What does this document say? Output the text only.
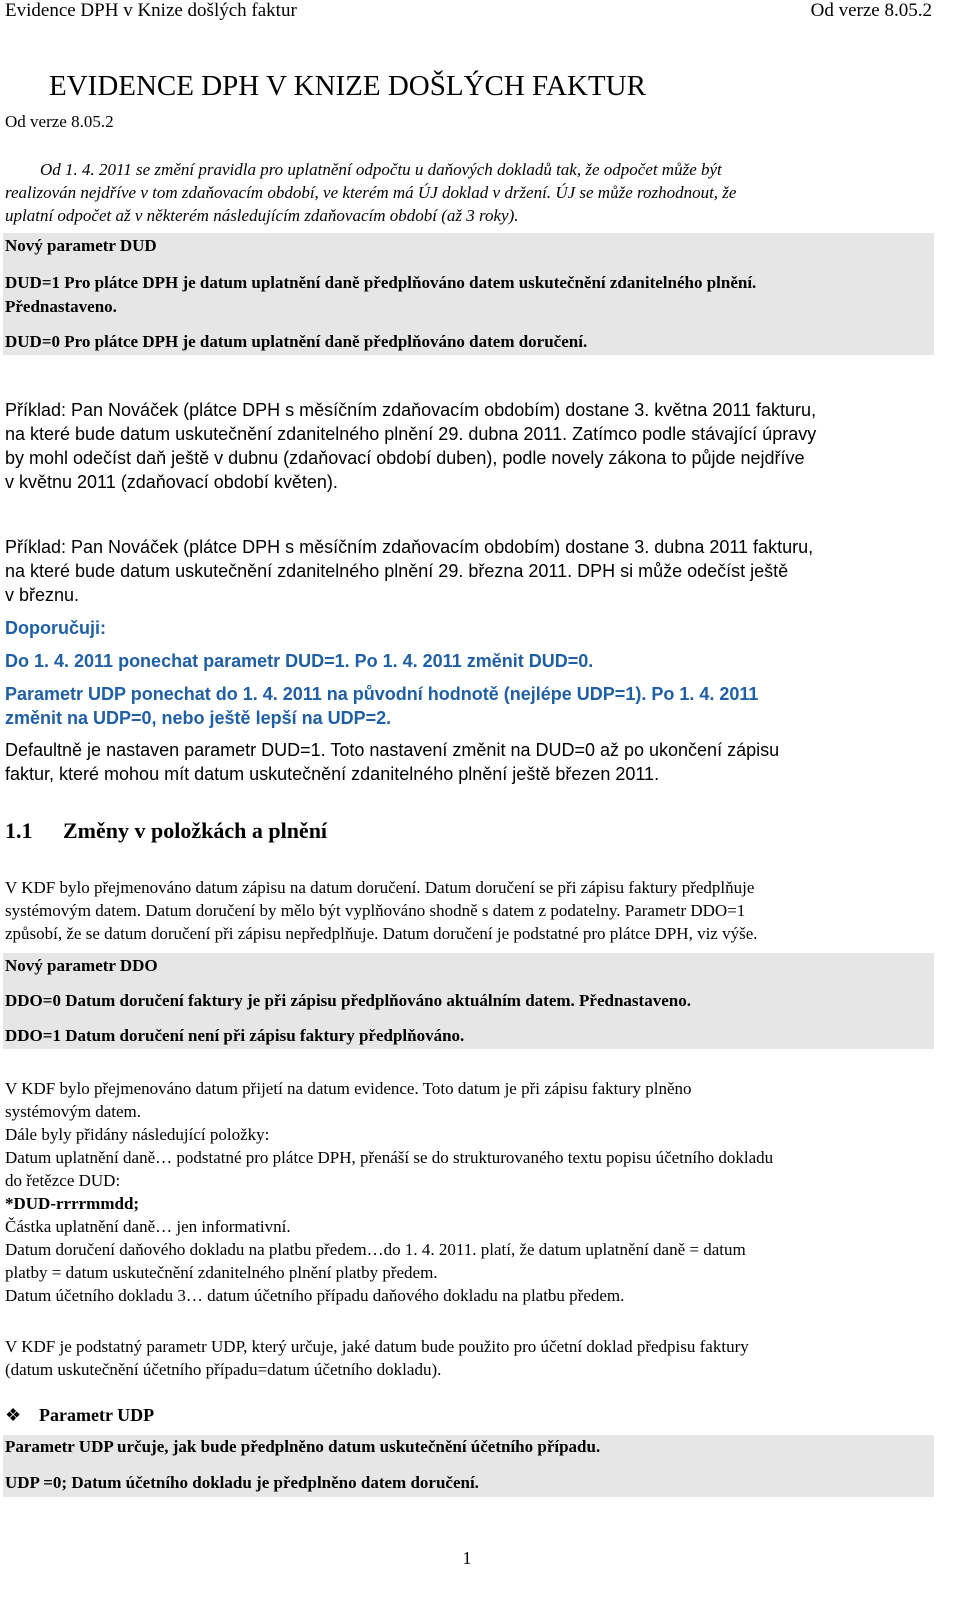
Evidence DPH v Knize došlých faktur	Od verze 8.05.2
EVIDENCE DPH V KNIZE DOŠLÝCH FAKTUR
Od verze 8.05.2
Od 1. 4. 2011 se změní pravidla pro uplatnění odpočtu u daňových dokladů tak, že odpočet může být
realizován nejdříve v tom zdaňovacím období, ve kterém má ÚJ doklad v držení. ÚJ se může rozhodnout, že
uplatní odpočet až v některém následujícím zdaňovacím období (až 3 roky).
Nový parametr DUD
DUD=1 Pro plátce DPH je datum uplatnění daně předplňováno datem uskutečnění zdanitelného plnění.
Přednastaveno.
DUD=0 Pro plátce DPH je datum uplatnění daně předplňováno datem doručení.
Příklad: Pan Nováček (plátce DPH s měsíčním zdaňovacím obdobím) dostane 3. května 2011 fakturu,
na které bude datum uskutečnění zdanitelného plnění 29. dubna 2011. Zatímco podle stávající úpravy
by mohl odečíst daň ještě v dubnu (zdaňovací období duben), podle novely zákona to půjde nejdříve
v květnu 2011 (zdaňovací období květen).
Příklad: Pan Nováček (plátce DPH s měsíčním zdaňovacím obdobím) dostane 3. dubna 2011 fakturu,
na které bude datum uskutečnění zdanitelného plnění 29. března 2011. DPH si může odečíst ještě
v březnu.
Doporučuji:
Do 1. 4. 2011 ponechat parametr DUD=1. Po 1. 4. 2011 změnit DUD=0.
Parametr UDP ponechat do 1. 4. 2011 na původní hodnotě (nejlépe UDP=1). Po 1. 4. 2011
změnit na UDP=0, nebo ještě lepší na UDP=2.
Defaultně je nastaven parametr DUD=1. Toto nastavení změnit na DUD=0 až po ukončení zápisu
faktur, které mohou mít datum uskutečnění zdanitelného plnění ještě březen 2011.
1.1 Změny v položkách a plnění
V KDF bylo přejmenováno datum zápisu na datum doručení. Datum doručení se při zápisu faktury předplňuje
systémovým datem. Datum doručení by mělo být vyplňováno shodně s datem z podatelny. Parametr DDO=1
způsobí, že se datum doručení při zápisu nepředplňuje. Datum doručení je podstatné pro plátce DPH, viz výše.
Nový parametr DDO
DDO=0 Datum doručení faktury je při zápisu předplňováno aktuálním datem. Přednastaveno.
DDO=1 Datum doručení není při zápisu faktury předplňováno.
V KDF bylo přejmenováno datum přijetí na datum evidence. Toto datum je při zápisu faktury plněno
systémovým datem.
Dále byly přidány následující položky:
Datum uplatnění daně… podstatné pro plátce DPH, přenáší se do strukturovaného textu popisu účetního dokladu
do řetězce DUD:
*DUD-rrrrmmdd;
Částka uplatnění daně… jen informativní.
Datum doručení daňového dokladu na platbu předem…do 1. 4. 2011. platí, že datum uplatnění daně = datum
platby = datum uskutečnění zdanitelného plnění platby předem.
Datum účetního dokladu 3… datum účetního případu daňového dokladu na platbu předem.
V KDF je podstatný parametr UDP, který určuje, jaké datum bude použito pro účetní doklad předpisu faktury
(datum uskutečnění účetního případu=datum účetního dokladu).
❖ Parametr UDP
Parametr UDP určuje, jak bude předplněno datum uskutečnění účetního případu.
UDP =0; Datum účetního dokladu je předplněno datem doručení.
1
